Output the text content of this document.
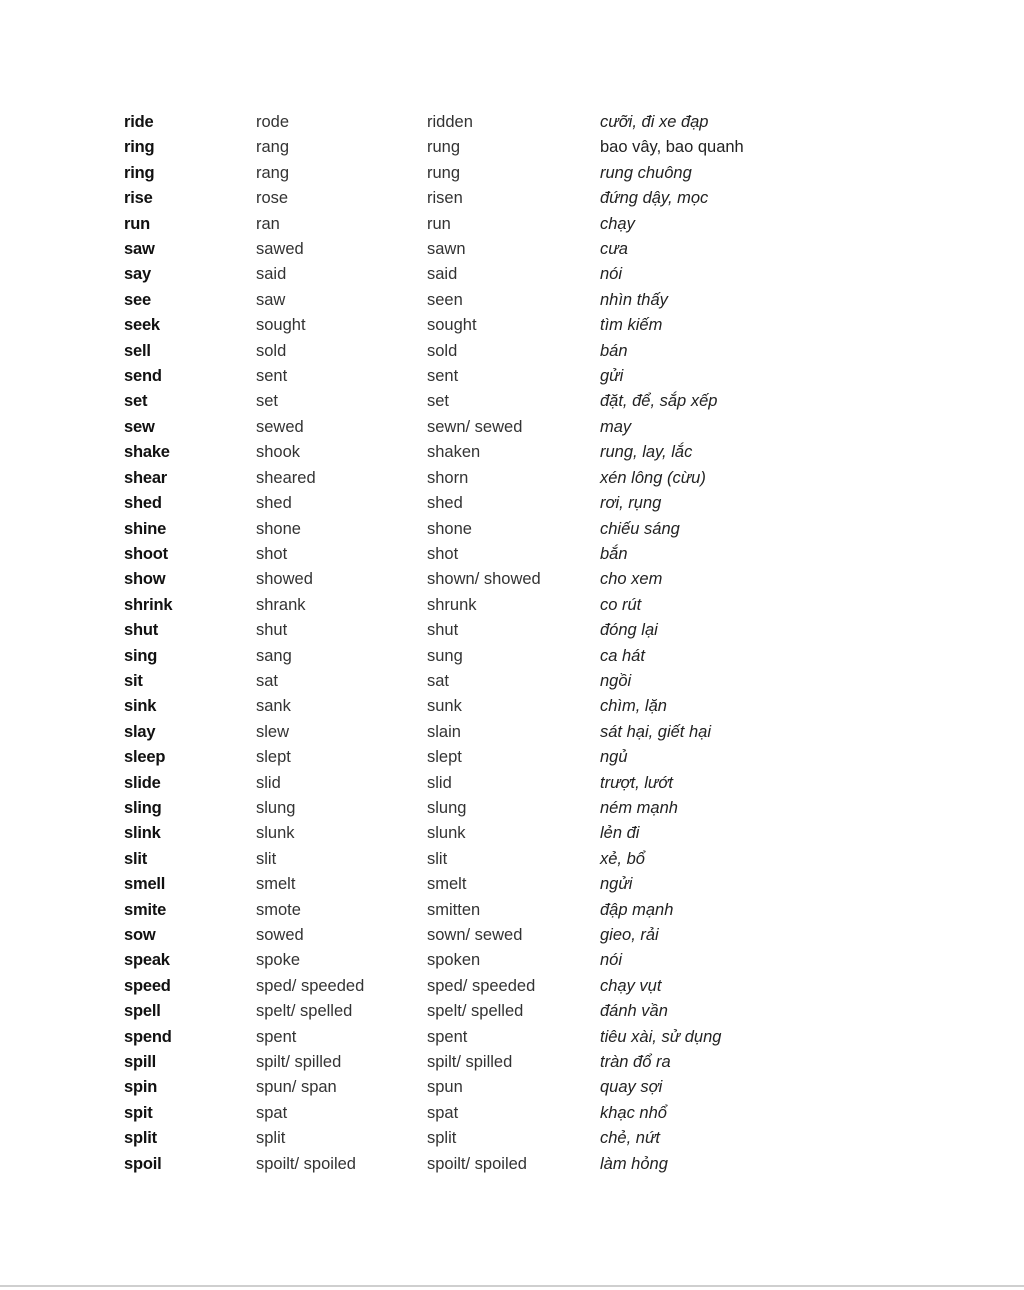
ride	rode	ridden	cưỡi, đi xe đạp
ring	rang	rung	bao vây, bao quanh
ring	rang	rung	rung chuông
rise	rose	risen	đứng dậy, mọc
run	ran	run	chạy
saw	sawed	sawn	cưa
say	said	said	nói
see	saw	seen	nhìn thấy
seek	sought	sought	tìm kiếm
sell	sold	sold	bán
send	sent	sent	gửi
set	set	set	đặt, để, sắp xếp
sew	sewed	sewn/ sewed	may
shake	shook	shaken	rung, lay, lắc
shear	sheared	shorn	xén lông (cừu)
shed	shed	shed	rơi, rụng
shine	shone	shone	chiếu sáng
shoot	shot	shot	bắn
show	showed	shown/ showed	cho xem
shrink	shrank	shrunk	co rút
shut	shut	shut	đóng lại
sing	sang	sung	ca hát
sit	sat	sat	ngồi
sink	sank	sunk	chìm, lặn
slay	slew	slain	sát hại, giết hại
sleep	slept	slept	ngủ
slide	slid	slid	trượt, lướt
sling	slung	slung	ném mạnh
slink	slunk	slunk	lẻn đi
slit	slit	slit	xẻ, bổ
smell	smelt	smelt	ngửi
smite	smote	smitten	đập mạnh
sow	sowed	sown/ sewed	gieo, rải
speak	spoke	spoken	nói
speed	sped/ speeded	sped/ speeded	chạy vụt
spell	spelt/ spelled	spelt/ spelled	đánh vần
spend	spent	spent	tiêu xài, sử dụng
spill	spilt/ spilled	spilt/ spilled	tràn đổ ra
spin	spun/ span	spun	quay sợi
spit	spat	spat	khạc nhổ
split	split	split	chẻ, nứt
spoil	spoilt/ spoiled	spoilt/ spoiled	làm hỏng
